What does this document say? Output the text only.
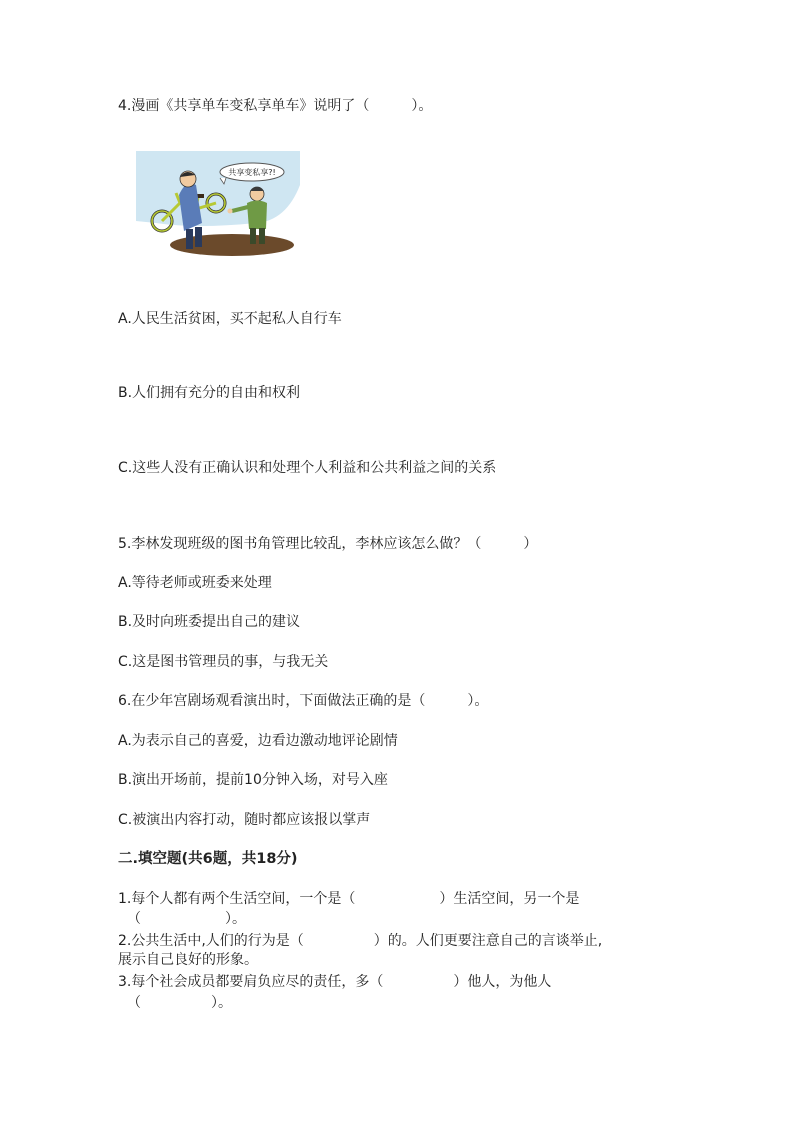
4.漫画《共享单车变私享单车》说明了（　　　）。
共享变私享?!
A.人民生活贫困，买不起私人自行车
B.人们拥有充分的自由和权利
C.这些人没有正确认识和处理个人利益和公共利益之间的关系
5.李林发现班级的图书角管理比较乱，李林应该怎么做？（　　　）
A.等待老师或班委来处理
B.及时向班委提出自己的建议
C.这是图书管理员的事，与我无关
6.在少年宫剧场观看演出时，下面做法正确的是（　　　）。
A.为表示自己的喜爱，边看边激动地评论剧情
B.演出开场前，提前10分钟入场，对号入座
C.被演出内容打动，随时都应该报以掌声
二.填空题(共6题，共18分)
1.每个人都有两个生活空间，一个是（　　　　　　）生活空间，另一个是
（　　　　　　）。
2.公共生活中,人们的行为是（　　　　　）的。人们更要注意自己的言谈举止,
展示自己良好的形象。
3.每个社会成员都要肩负应尽的责任，多（　　　　　）他人，为他人
（　　　　　）。
